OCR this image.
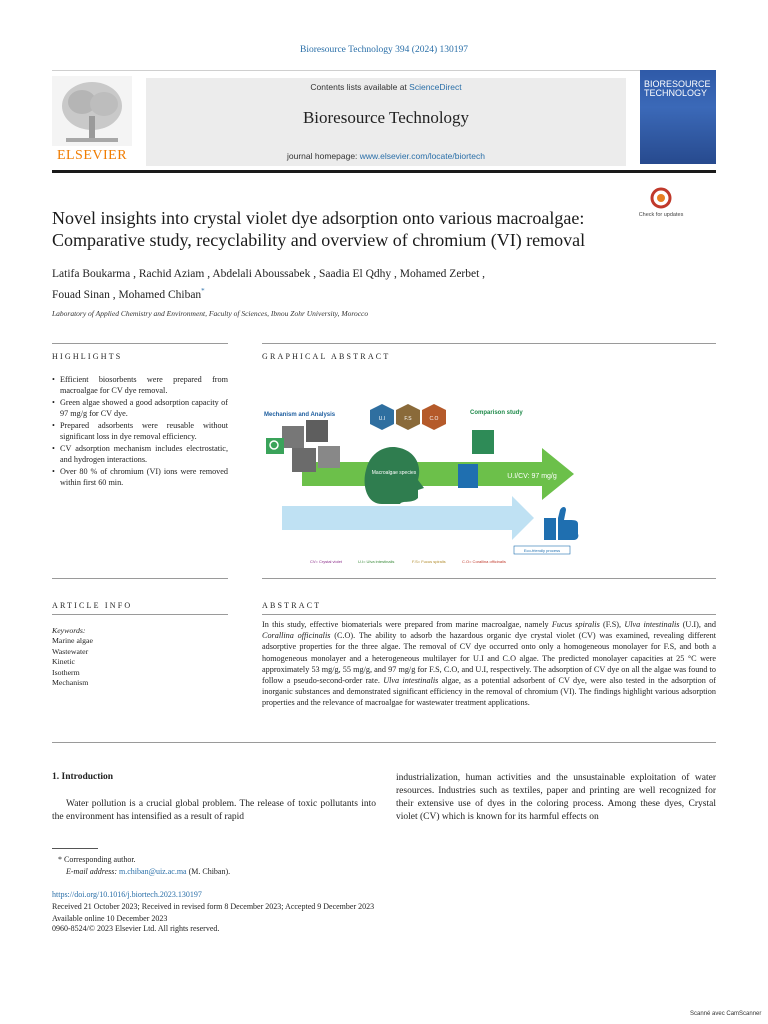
Bioresource Technology 394 (2024) 130197
ELSEVIER
Contents lists available at ScienceDirect
Bioresource Technology
journal homepage: www.elsevier.com/locate/biortech
BIORESOURCE TECHNOLOGY
Check for updates
Novel insights into crystal violet dye adsorption onto various macroalgae:
Comparative study, recyclability and overview of chromium (VI) removal
Latifa Boukarma , Rachid Aziam , Abdelali Aboussabek , Saadia El Qdhy , Mohamed Zerbet ,
Fouad Sinan , Mohamed Chiban*
Laboratory of Applied Chemistry and Environment, Faculty of Sciences, Ibnou Zohr University, Morocco
HIGHLIGHTS	GRAPHICAL ABSTRACT
• Efficient biosorbents were prepared from macroalgae for CV dye removal.
• Green algae showed a good adsorption capacity of 97 mg/g for CV dye.
• Prepared adsorbents were reusable without significant loss in dye removal efficiency.
• CV adsorption mechanism includes electrostatic, and hydrogen interactions.
• Over 80 % of chromium (VI) ions were removed within first 60 min.
U.I	F.S	C.O
Macroalgae species	U.I/CV: 97 mg/g
Eco-friendly process
Mechanism and Analysis	Comparison study
CV= Crystal violet	U.I= Ulva intestinalis	F.S= Fucus spiralis	C.O= Corallina officinalis
ARTICLE INFO	ABSTRACT
Keywords:
Marine algae
Wastewater
Kinetic
Isotherm
Mechanism
In this study, effective biomaterials were prepared from marine macroalgae, namely Fucus spiralis (F.S), Ulva intestinalis (U.I), and Corallina officinalis (C.O). The ability to adsorb the hazardous organic dye crystal violet (CV) was examined, revealing different adsorptive properties for the three algae. The removal of CV dye occurred onto only a homogeneous monolayer for F.S, and both a homogeneous monolayer and a heterogeneous multilayer for U.I and C.O algae. The predicted monolayer capacities at 25 °C were approximately 53 mg/g, 55 mg/g, and 97 mg/g for F.S, C.O, and U.I, respectively. The adsorption of CV dye on all the algae was found to follow a pseudo-second-order rate. Ulva intestinalis algae, as a potential adsorbent of CV dye, were also tested in the adsorption of inorganic substances and demonstrated significant efficiency in the removal of chromium (VI). The findings highlight various adsorption properties and the relevance of macroalgae for wastewater treatment applications.
1. Introduction
Water pollution is a crucial global problem. The release of toxic pollutants into the environment has intensified as a result of rapid
industrialization, human activities and the unsustainable exploitation of water resources. Industries such as textiles, paper and printing are well recognized for their extensive use of dyes in the coloring process. Among these dyes, Crystal violet (CV) which is known for its harmful effects on
* Corresponding author.
E-mail address: m.chiban@uiz.ac.ma (M. Chiban).
https://doi.org/10.1016/j.biortech.2023.130197
Received 21 October 2023; Received in revised form 8 December 2023; Accepted 9 December 2023
Available online 10 December 2023
0960-8524/© 2023 Elsevier Ltd. All rights reserved.
Scanné avec CamScanner
